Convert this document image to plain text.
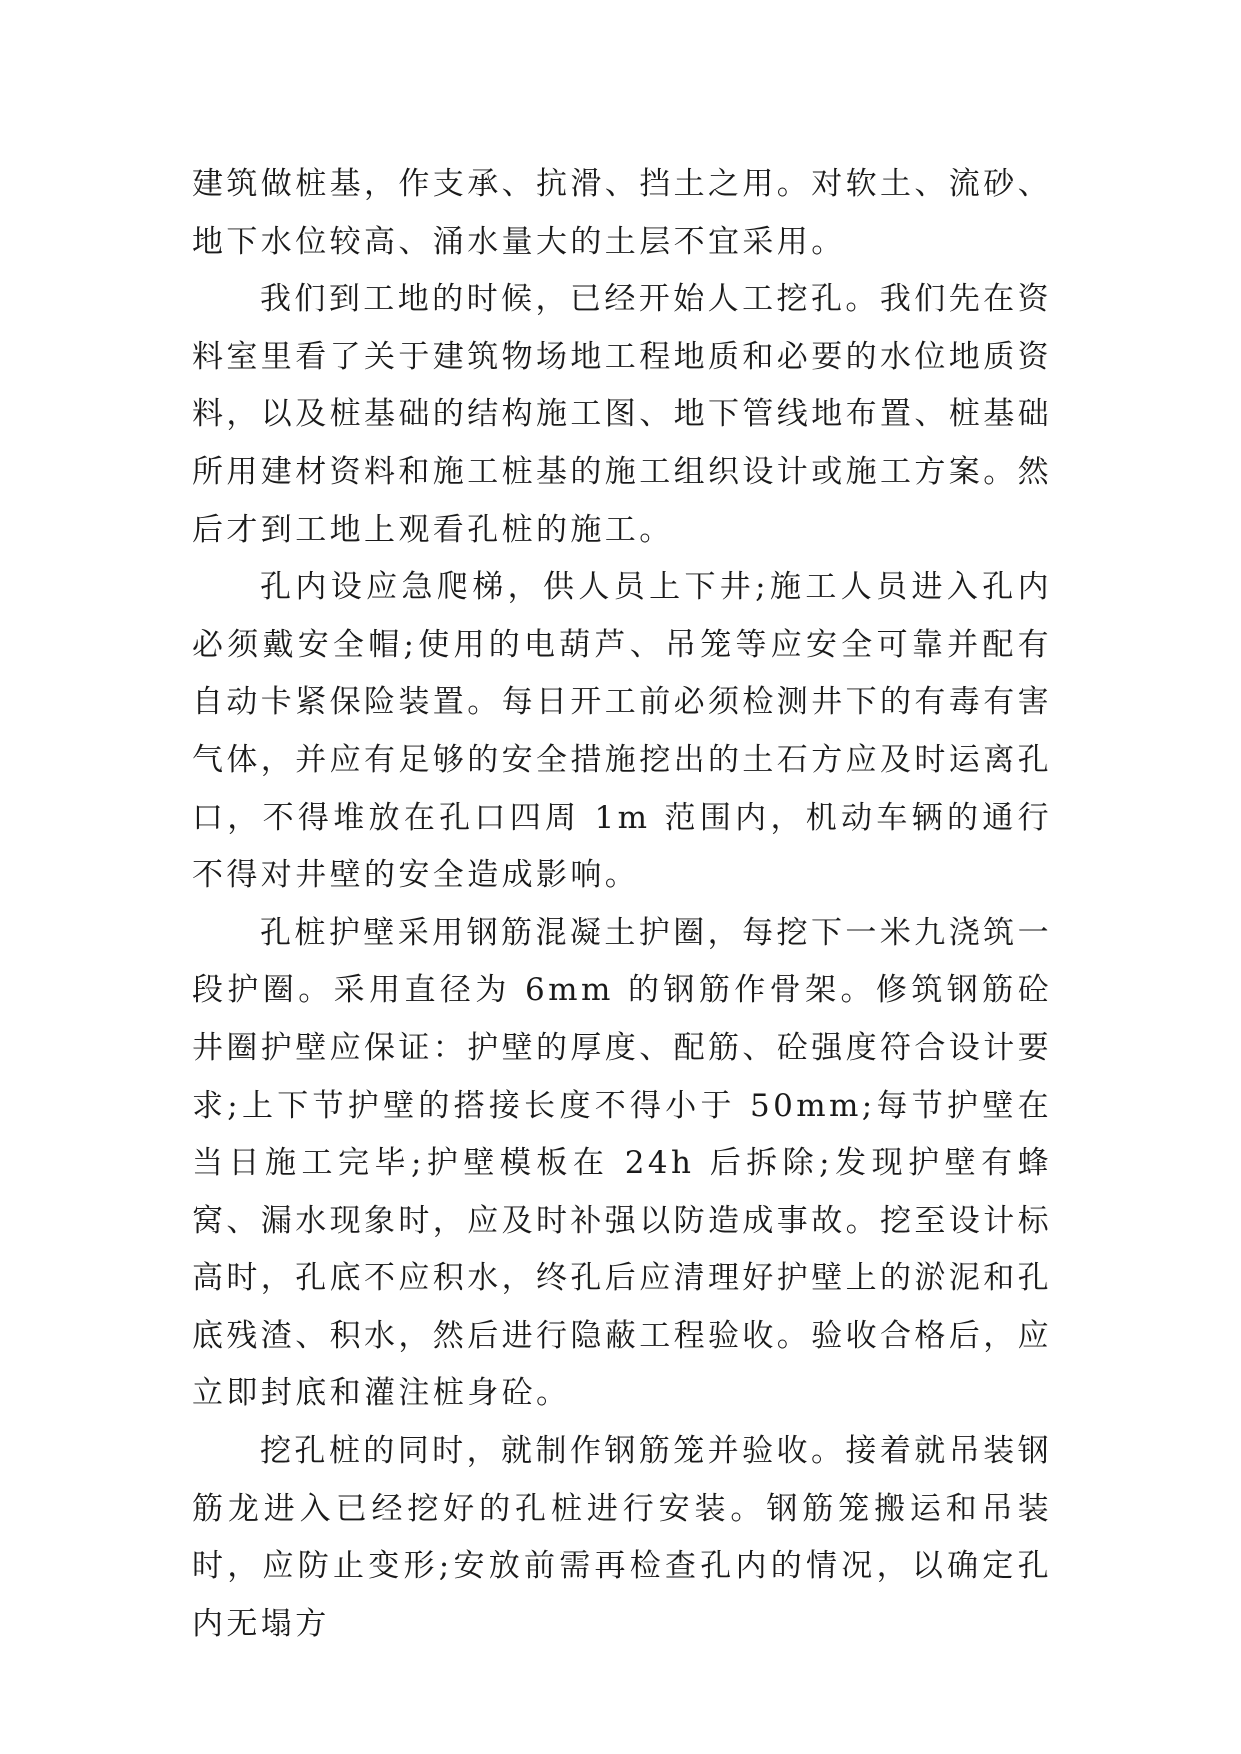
建筑做桩基，作支承、抗滑、挡土之用。对软土、流砂、地下水位较高、涌水量大的土层不宜采用。

我们到工地的时候，已经开始人工挖孔。我们先在资料室里看了关于建筑物场地工程地质和必要的水位地质资料，以及桩基础的结构施工图、地下管线地布置、桩基础所用建材资料和施工桩基的施工组织设计或施工方案。然后才到工地上观看孔桩的施工。

孔内设应急爬梯，供人员上下井;施工人员进入孔内必须戴安全帽;使用的电葫芦、吊笼等应安全可靠并配有自动卡紧保险装置。每日开工前必须检测井下的有毒有害气体，并应有足够的安全措施挖出的土石方应及时运离孔口，不得堆放在孔口四周 1m 范围内，机动车辆的通行不得对井壁的安全造成影响。

孔桩护壁采用钢筋混凝土护圈，每挖下一米九浇筑一段护圈。采用直径为 6mm 的钢筋作骨架。修筑钢筋砼井圈护壁应保证：护壁的厚度、配筋、砼强度符合设计要求;上下节护壁的搭接长度不得小于 50mm;每节护壁在当日施工完毕;护壁模板在 24h 后拆除;发现护壁有蜂窝、漏水现象时，应及时补强以防造成事故。挖至设计标高时，孔底不应积水，终孔后应清理好护壁上的淤泥和孔底残渣、积水，然后进行隐蔽工程验收。验收合格后，应立即封底和灌注桩身砼。

挖孔桩的同时，就制作钢筋笼并验收。接着就吊装钢筋龙进入已经挖好的孔桩进行安装。钢筋笼搬运和吊装时，应防止变形;安放前需再检查孔内的情况，以确定孔内无塌方
